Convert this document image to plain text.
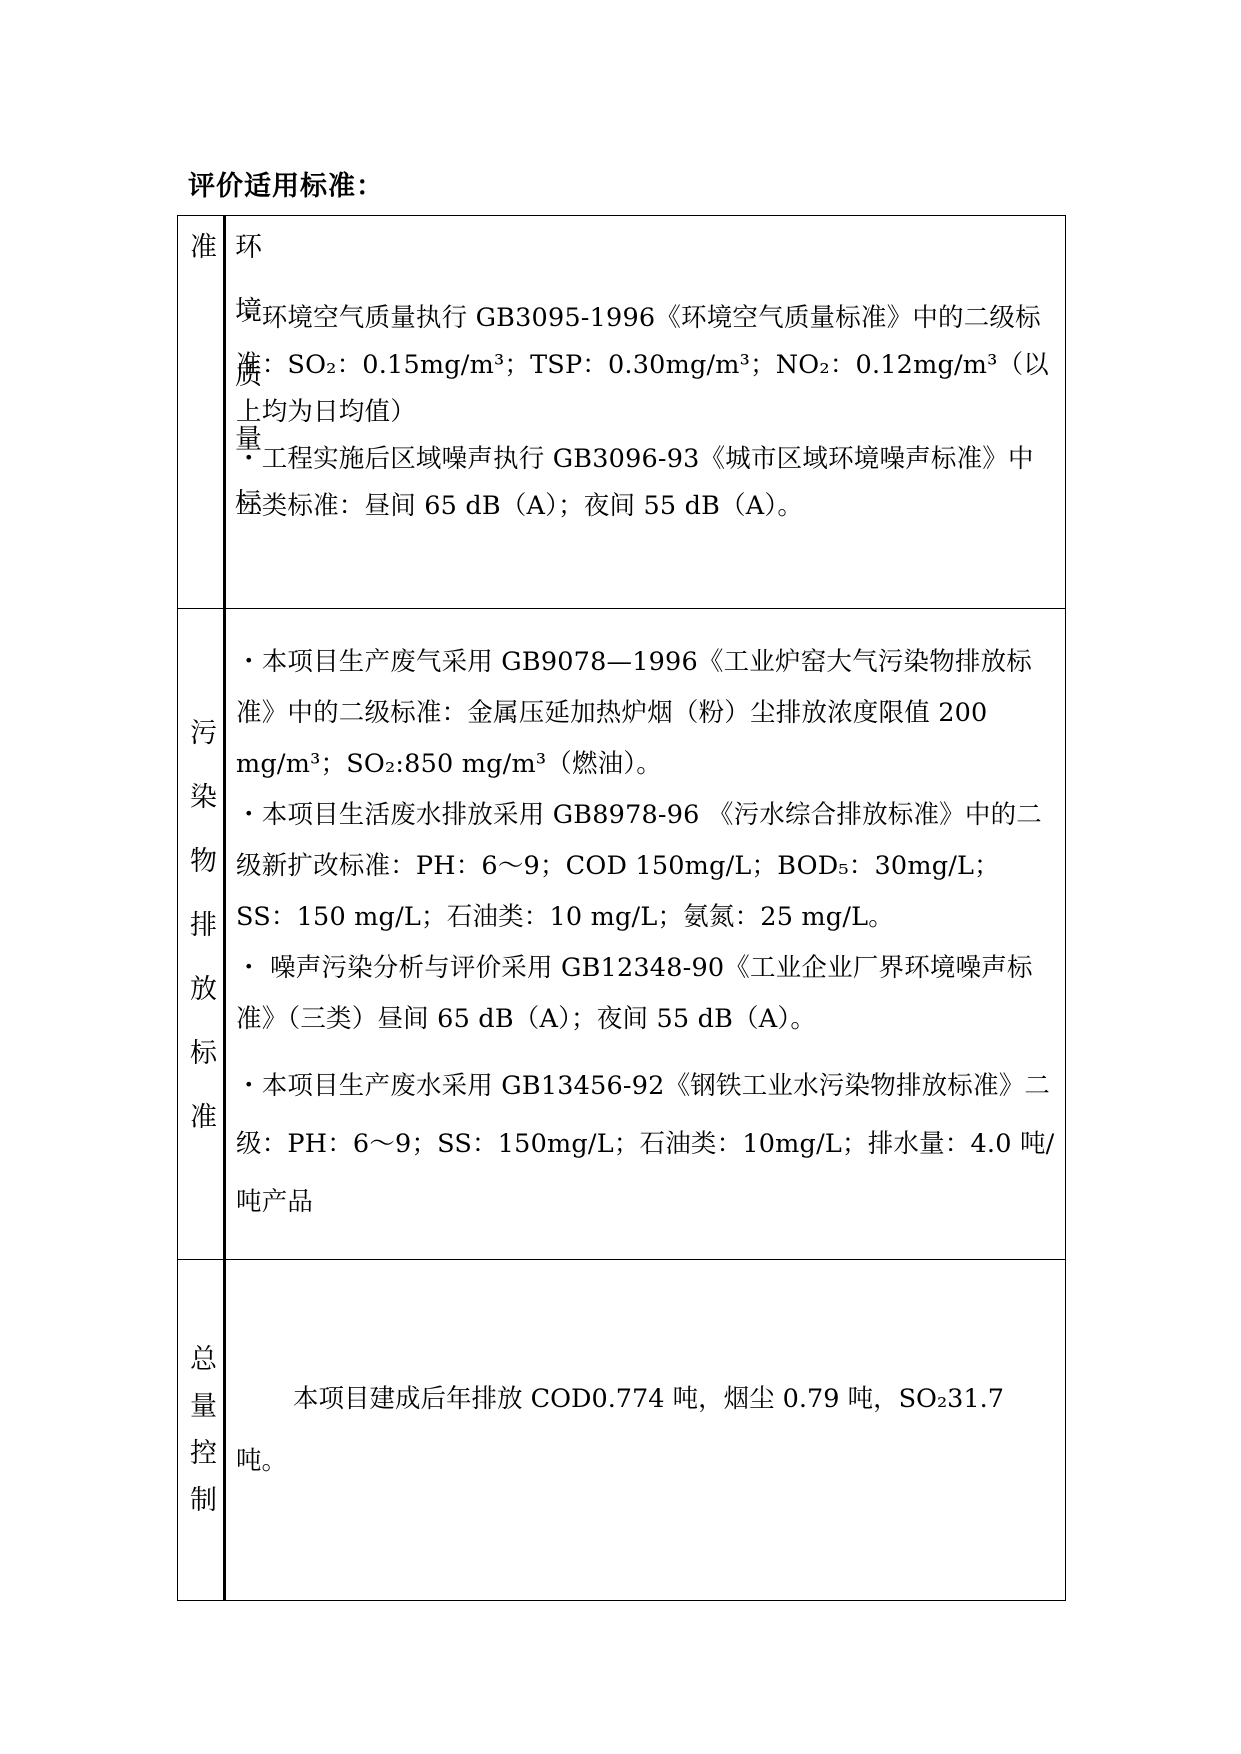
评价适用标准：
环境质量标准	・环境空气质量执行 GB3095-1996《环境空气质量标准》中的二级标准：SO₂：0.15mg/m³；TSP：0.30mg/m³；NO₂：0.12mg/m³（以上均为日均值）

・工程实施后区域噪声执行 GB3096-93《城市区域环境噪声标准》中三类标准：昼间 65 dB（A）；夜间 55 dB（A）。

污染物排放标准	・本项目生产废气采用 GB9078—1996《工业炉窑大气污染物排放标准》中的二级标准：金属压延加热炉烟（粉）尘排放浓度限值 200 mg/m³；SO₂:850 mg/m³（燃油）。

・本项目生活废水排放采用 GB8978-96 《污水综合排放标准》中的二级新扩改标准：PH：6～9；COD 150mg/L；BOD₅：30mg/L；SS：150 mg/L；石油类：10 mg/L；氨氮：25 mg/L。

・ 噪声污染分析与评价采用 GB12348-90《工业企业厂界环境噪声标准》（三类）昼间 65 dB（A）；夜间 55 dB（A）。

・本项目生产废水采用 GB13456-92《钢铁工业水污染物排放标准》二级：PH：6～9；SS：150mg/L；石油类：10mg/L；排水量：4.0 吨/吨产品

总量控制	本项目建成后年排放 COD0.774 吨，烟尘 0.79 吨，SO₂31.7 吨。
